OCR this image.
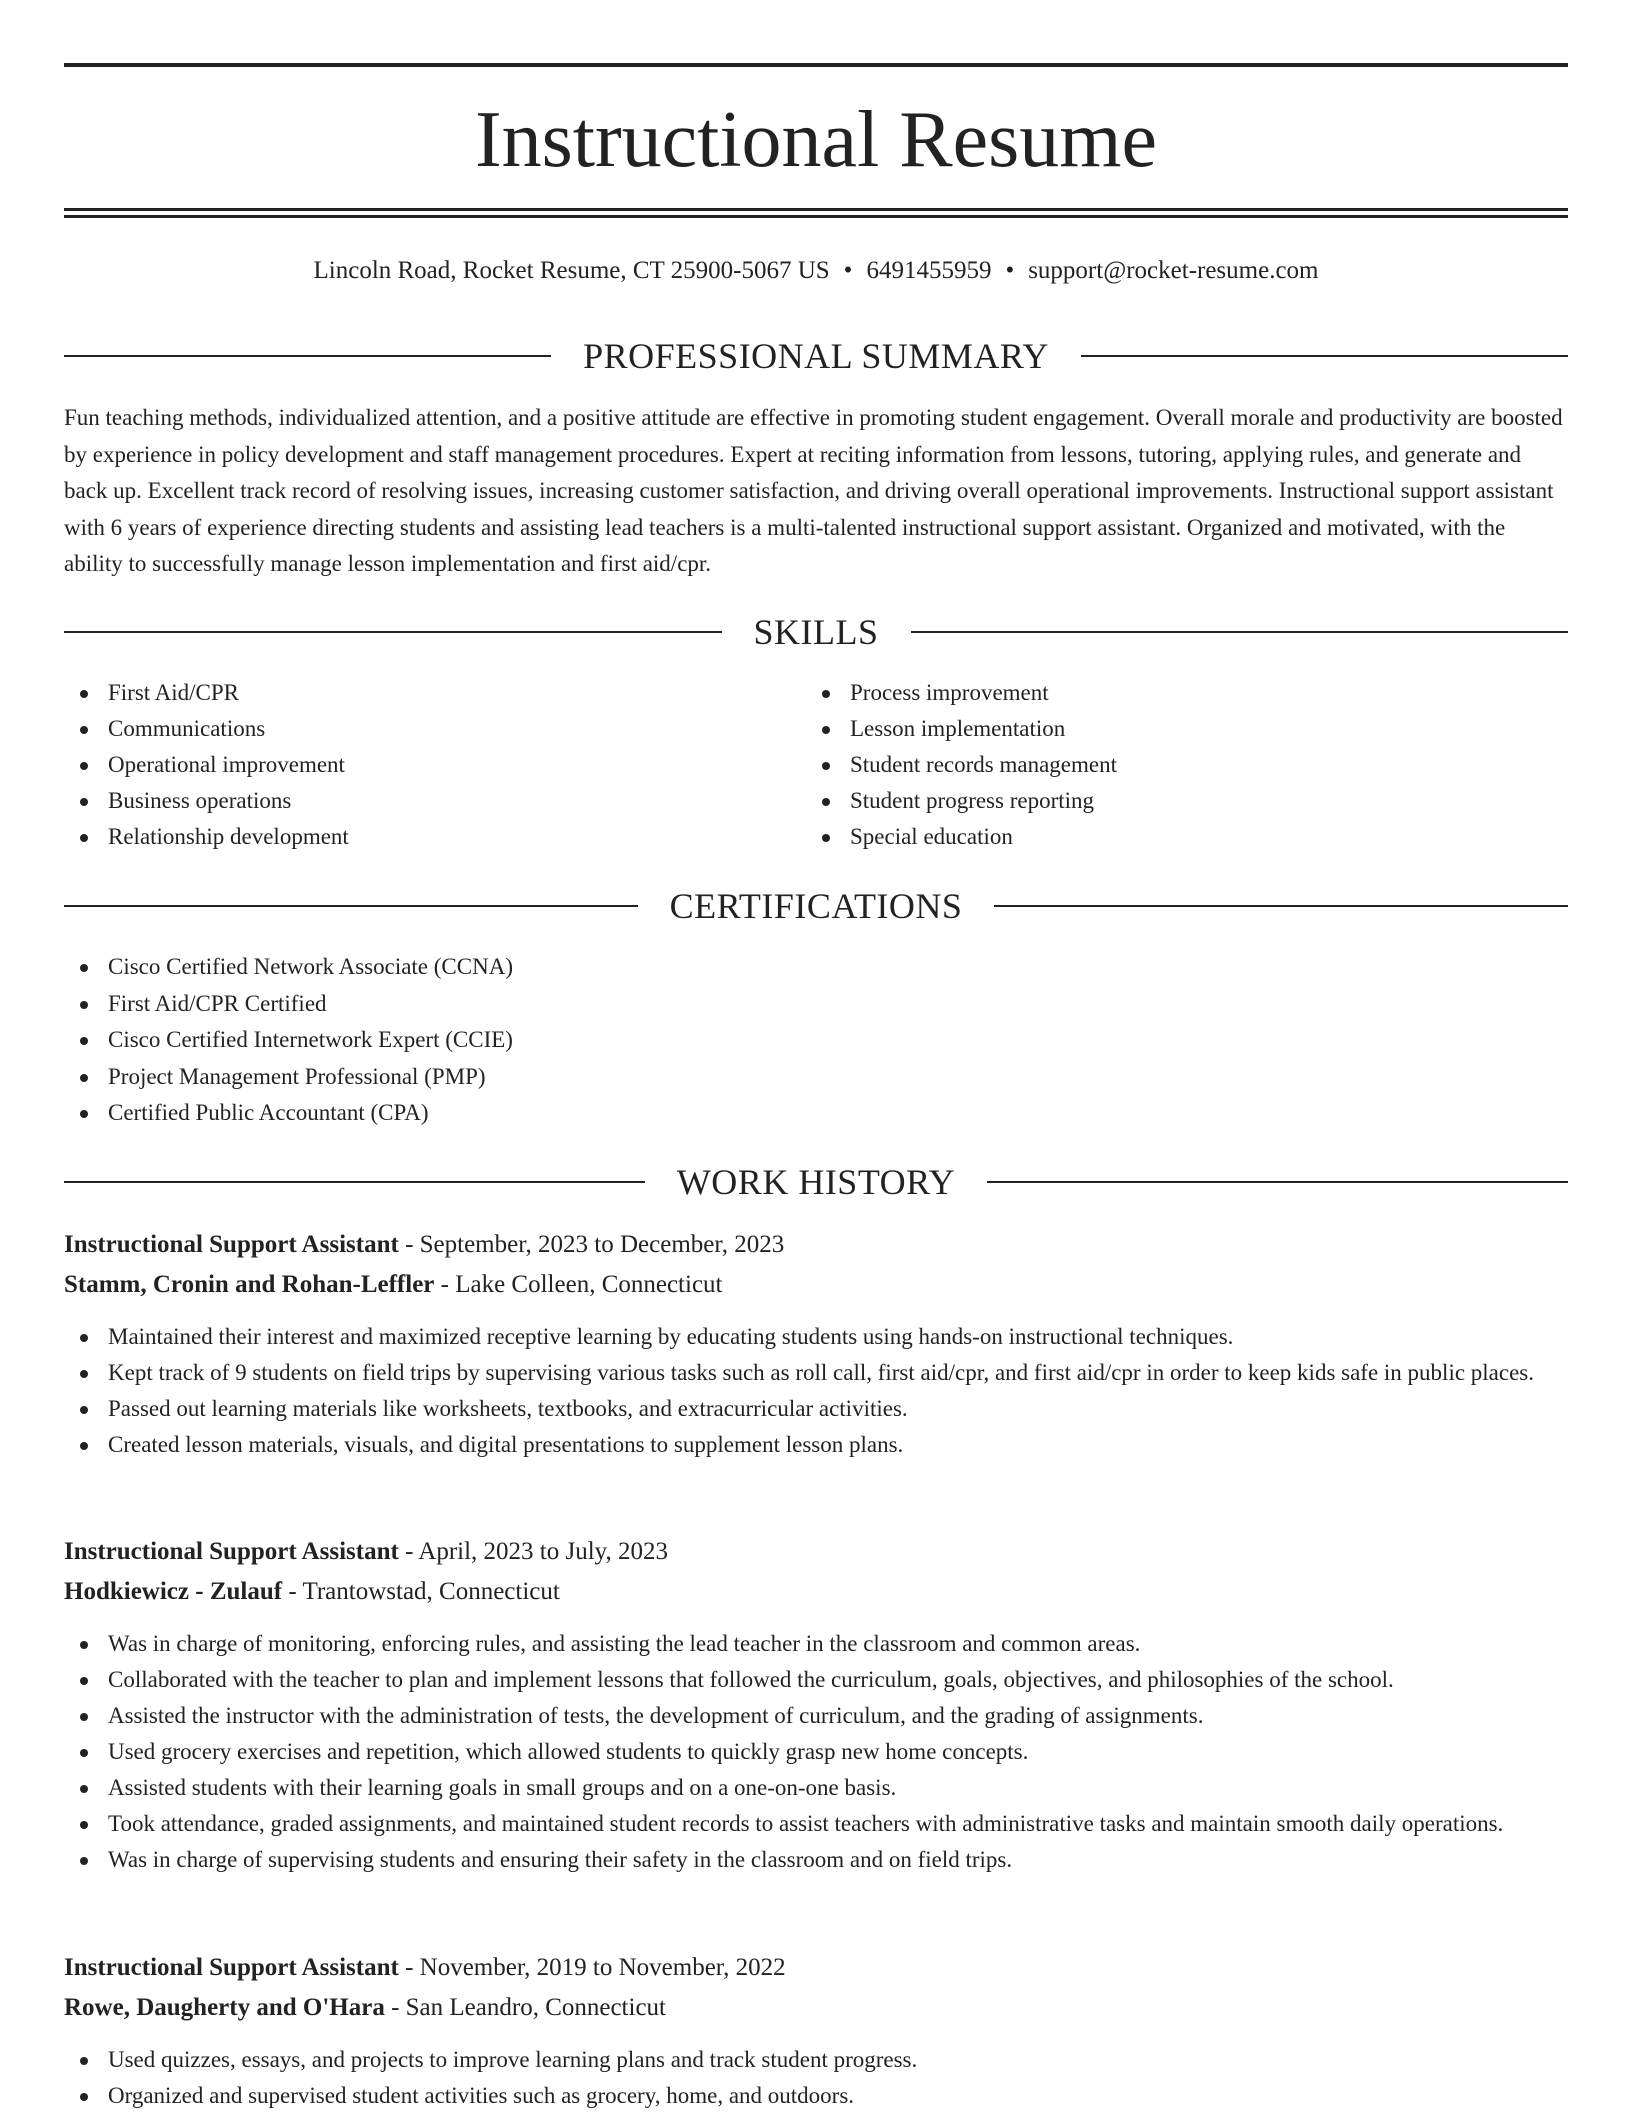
Instructional Resume
Lincoln Road, Rocket Resume, CT 25900-5067 US • 6491455959 • support@rocket-resume.com
PROFESSIONAL SUMMARY

Fun teaching methods, individualized attention, and a positive attitude are effective in promoting student engagement. Overall morale and productivity are boosted by experience in policy development and staff management procedures. Expert at reciting information from lessons, tutoring, applying rules, and generate and back up. Excellent track record of resolving issues, increasing customer satisfaction, and driving overall operational improvements. Instructional support assistant with 6 years of experience directing students and assisting lead teachers is a multi-talented instructional support assistant. Organized and motivated, with the ability to successfully manage lesson implementation and first aid/cpr.

SKILLS
First Aid/CPR
Communications
Operational improvement
Business operations
Relationship development
Process improvement
Lesson implementation
Student records management
Student progress reporting
Special education
CERTIFICATIONS
Cisco Certified Network Associate (CCNA)
First Aid/CPR Certified
Cisco Certified Internetwork Expert (CCIE)
Project Management Professional (PMP)
Certified Public Accountant (CPA)
WORK HISTORY
Instructional Support Assistant - September, 2023 to December, 2023
Stamm, Cronin and Rohan-Leffler - Lake Colleen, Connecticut
Maintained their interest and maximized receptive learning by educating students using hands-on instructional techniques.
Kept track of 9 students on field trips by supervising various tasks such as roll call, first aid/cpr, and first aid/cpr in order to keep kids safe in public places.
Passed out learning materials like worksheets, textbooks, and extracurricular activities.
Created lesson materials, visuals, and digital presentations to supplement lesson plans.
Instructional Support Assistant - April, 2023 to July, 2023
Hodkiewicz - Zulauf - Trantowstad, Connecticut
Was in charge of monitoring, enforcing rules, and assisting the lead teacher in the classroom and common areas.
Collaborated with the teacher to plan and implement lessons that followed the curriculum, goals, objectives, and philosophies of the school.
Assisted the instructor with the administration of tests, the development of curriculum, and the grading of assignments.
Used grocery exercises and repetition, which allowed students to quickly grasp new home concepts.
Assisted students with their learning goals in small groups and on a one-on-one basis.
Took attendance, graded assignments, and maintained student records to assist teachers with administrative tasks and maintain smooth daily operations.
Was in charge of supervising students and ensuring their safety in the classroom and on field trips.
Instructional Support Assistant - November, 2019 to November, 2022
Rowe, Daugherty and O'Hara - San Leandro, Connecticut
Used quizzes, essays, and projects to improve learning plans and track student progress.
Organized and supervised student activities such as grocery, home, and outdoors.
